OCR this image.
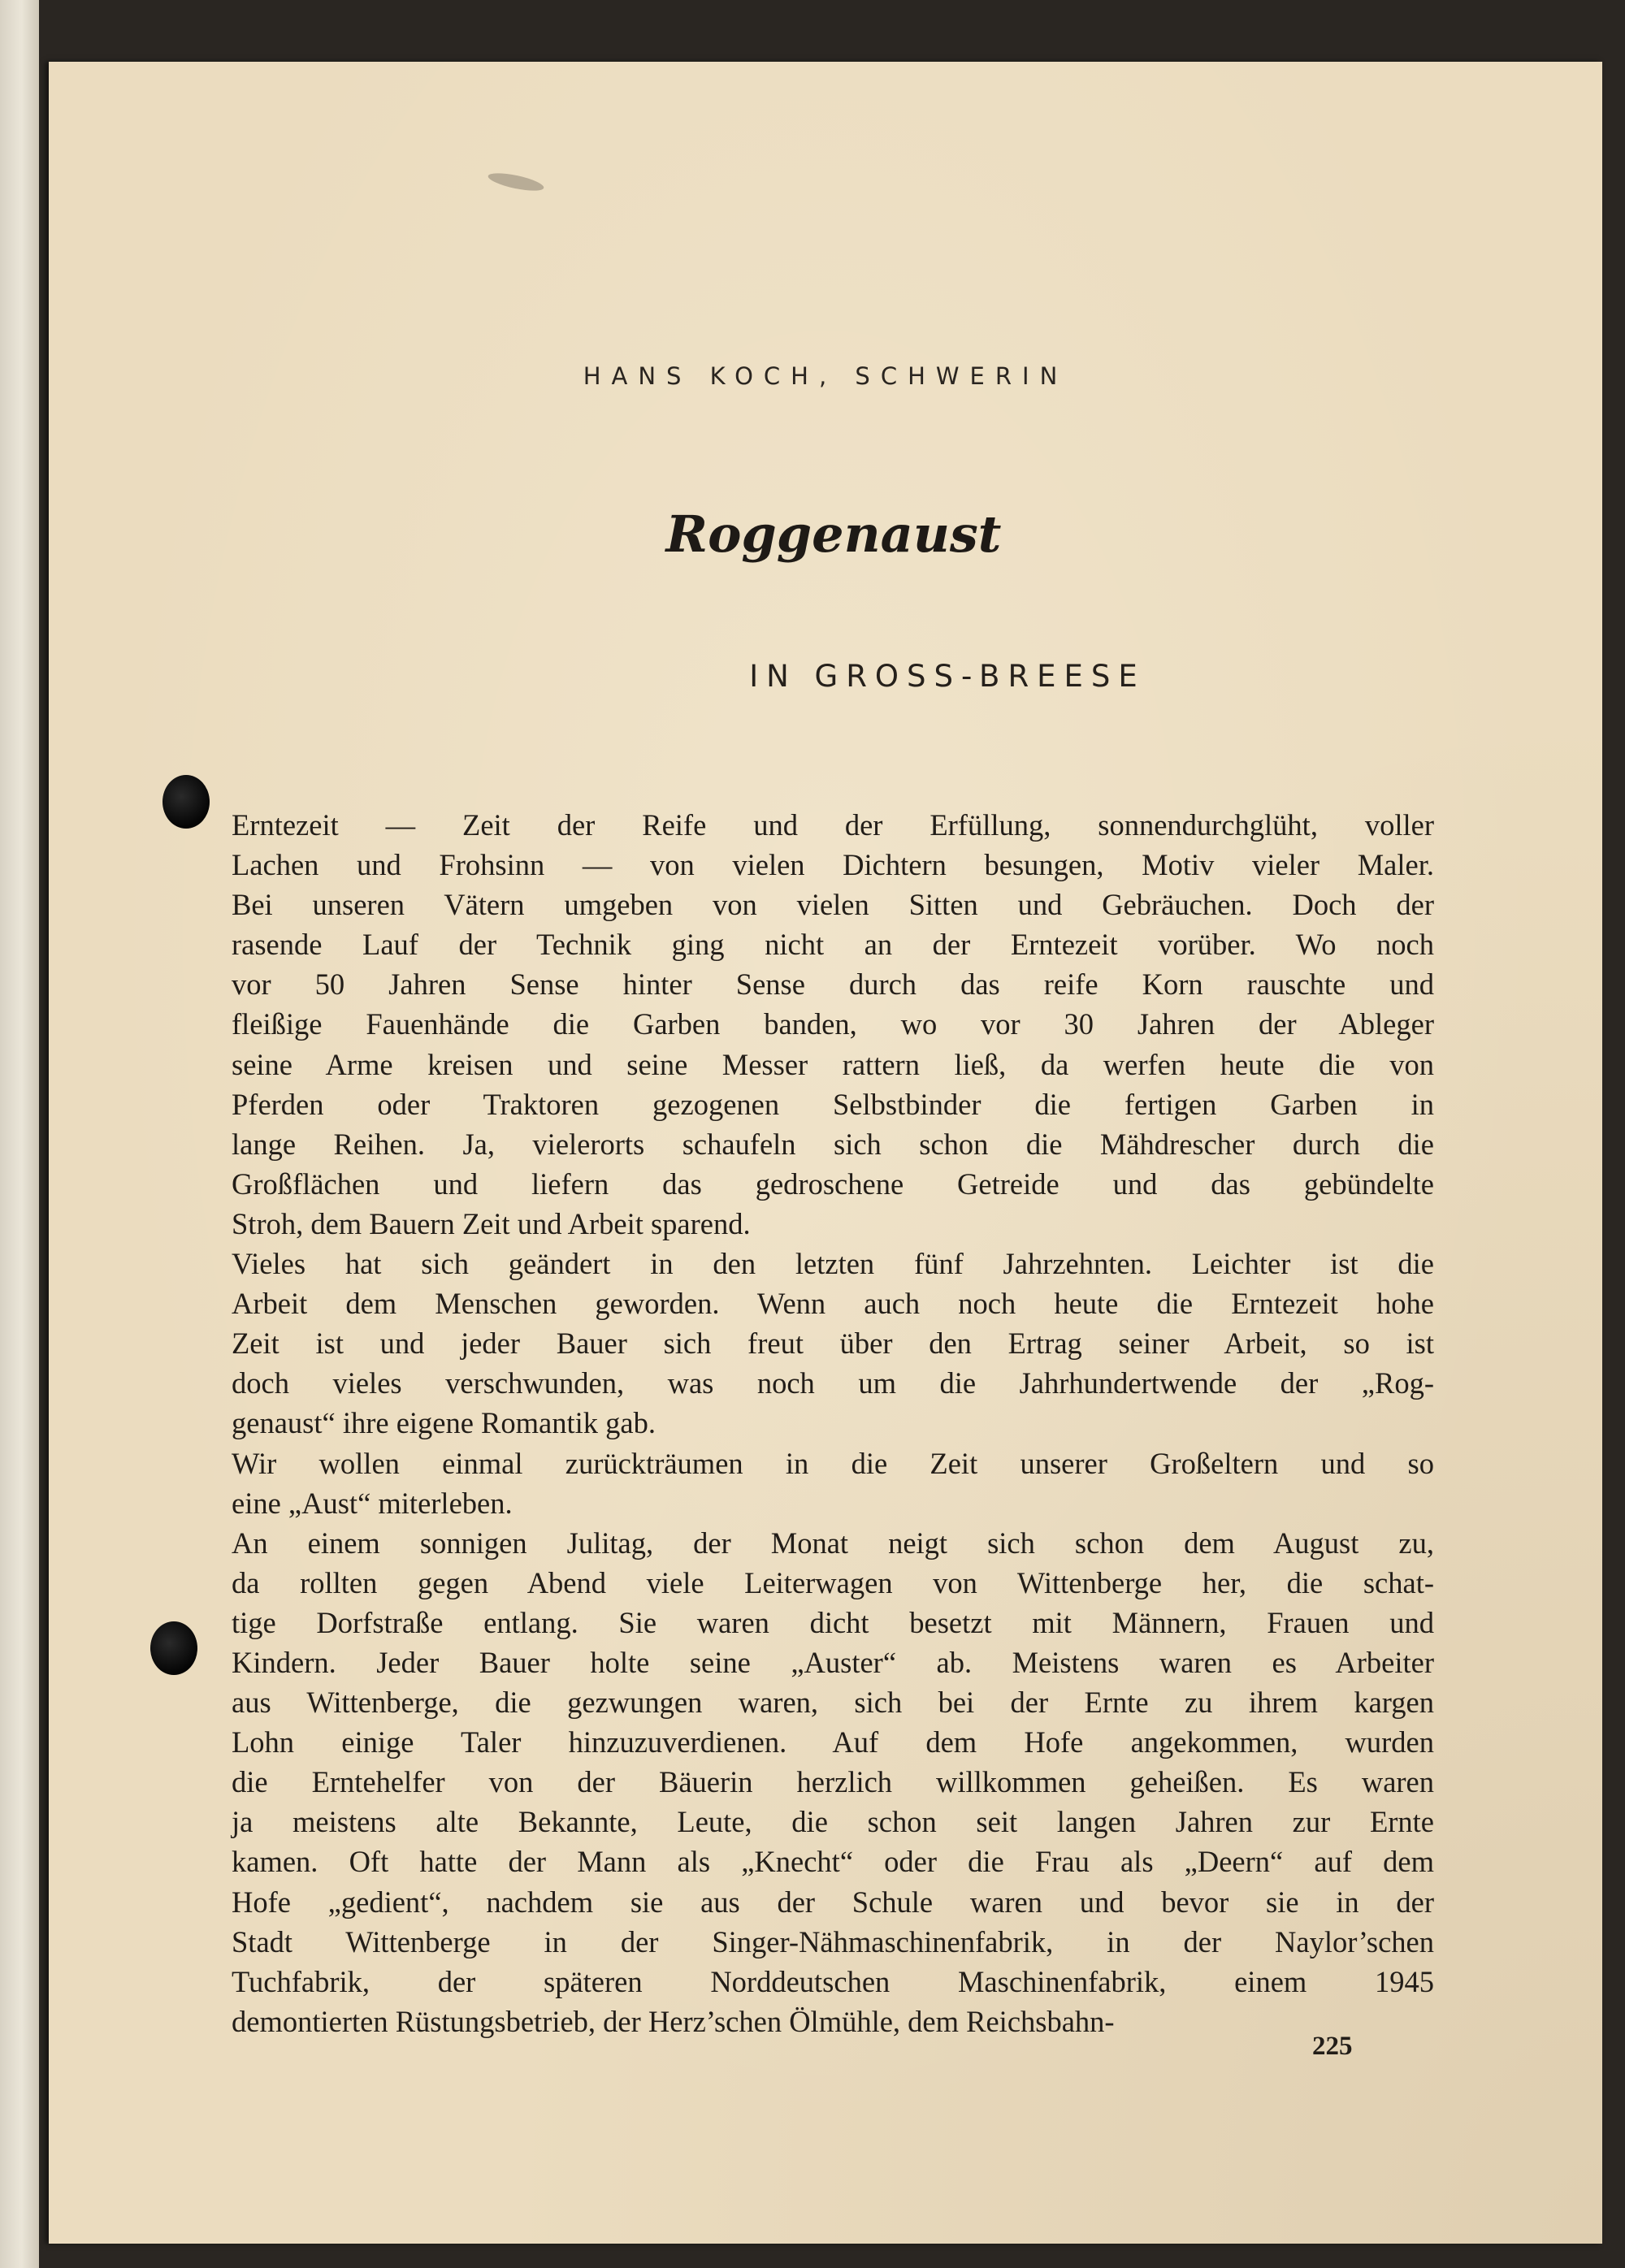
HANS KOCH, SCHWERIN
Roggenaust
IN GROSS-BREESE
Erntezeit — Zeit der Reife und der Erfüllung, sonnendurchglüht, voller
Lachen und Frohsinn — von vielen Dichtern besungen, Motiv vieler Maler.
Bei unseren Vätern umgeben von vielen Sitten und Gebräuchen. Doch der
rasende Lauf der Technik ging nicht an der Erntezeit vorüber. Wo noch
vor 50 Jahren Sense hinter Sense durch das reife Korn rauschte und
fleißige Fauenhände die Garben banden, wo vor 30 Jahren der Ableger
seine Arme kreisen und seine Messer rattern ließ, da werfen heute die von
Pferden oder Traktoren gezogenen Selbstbinder die fertigen Garben in
lange Reihen. Ja, vielerorts schaufeln sich schon die Mähdrescher durch die
Großflächen und liefern das gedroschene Getreide und das gebündelte
Stroh, dem Bauern Zeit und Arbeit sparend.
Vieles hat sich geändert in den letzten fünf Jahrzehnten. Leichter ist die
Arbeit dem Menschen geworden. Wenn auch noch heute die Erntezeit hohe
Zeit ist und jeder Bauer sich freut über den Ertrag seiner Arbeit, so ist
doch vieles verschwunden, was noch um die Jahrhundertwende der „Rog-
genaust“ ihre eigene Romantik gab.
Wir wollen einmal zurückträumen in die Zeit unserer Großeltern und so
eine „Aust“ miterleben.
An einem sonnigen Julitag, der Monat neigt sich schon dem August zu,
da rollten gegen Abend viele Leiterwagen von Wittenberge her, die schat-
tige Dorfstraße entlang. Sie waren dicht besetzt mit Männern, Frauen und
Kindern. Jeder Bauer holte seine „Auster“ ab. Meistens waren es Arbeiter
aus Wittenberge, die gezwungen waren, sich bei der Ernte zu ihrem kargen
Lohn einige Taler hinzuzuverdienen. Auf dem Hofe angekommen, wurden
die Erntehelfer von der Bäuerin herzlich willkommen geheißen. Es waren
ja meistens alte Bekannte, Leute, die schon seit langen Jahren zur Ernte
kamen. Oft hatte der Mann als „Knecht“ oder die Frau als „Deern“ auf dem
Hofe „gedient“, nachdem sie aus der Schule waren und bevor sie in der
Stadt Wittenberge in der Singer-Nähmaschinenfabrik, in der Naylor’schen
Tuchfabrik, der späteren Norddeutschen Maschinenfabrik, einem 1945
demontierten Rüstungsbetrieb, der Herz’schen Ölmühle, dem Reichsbahn-
225
